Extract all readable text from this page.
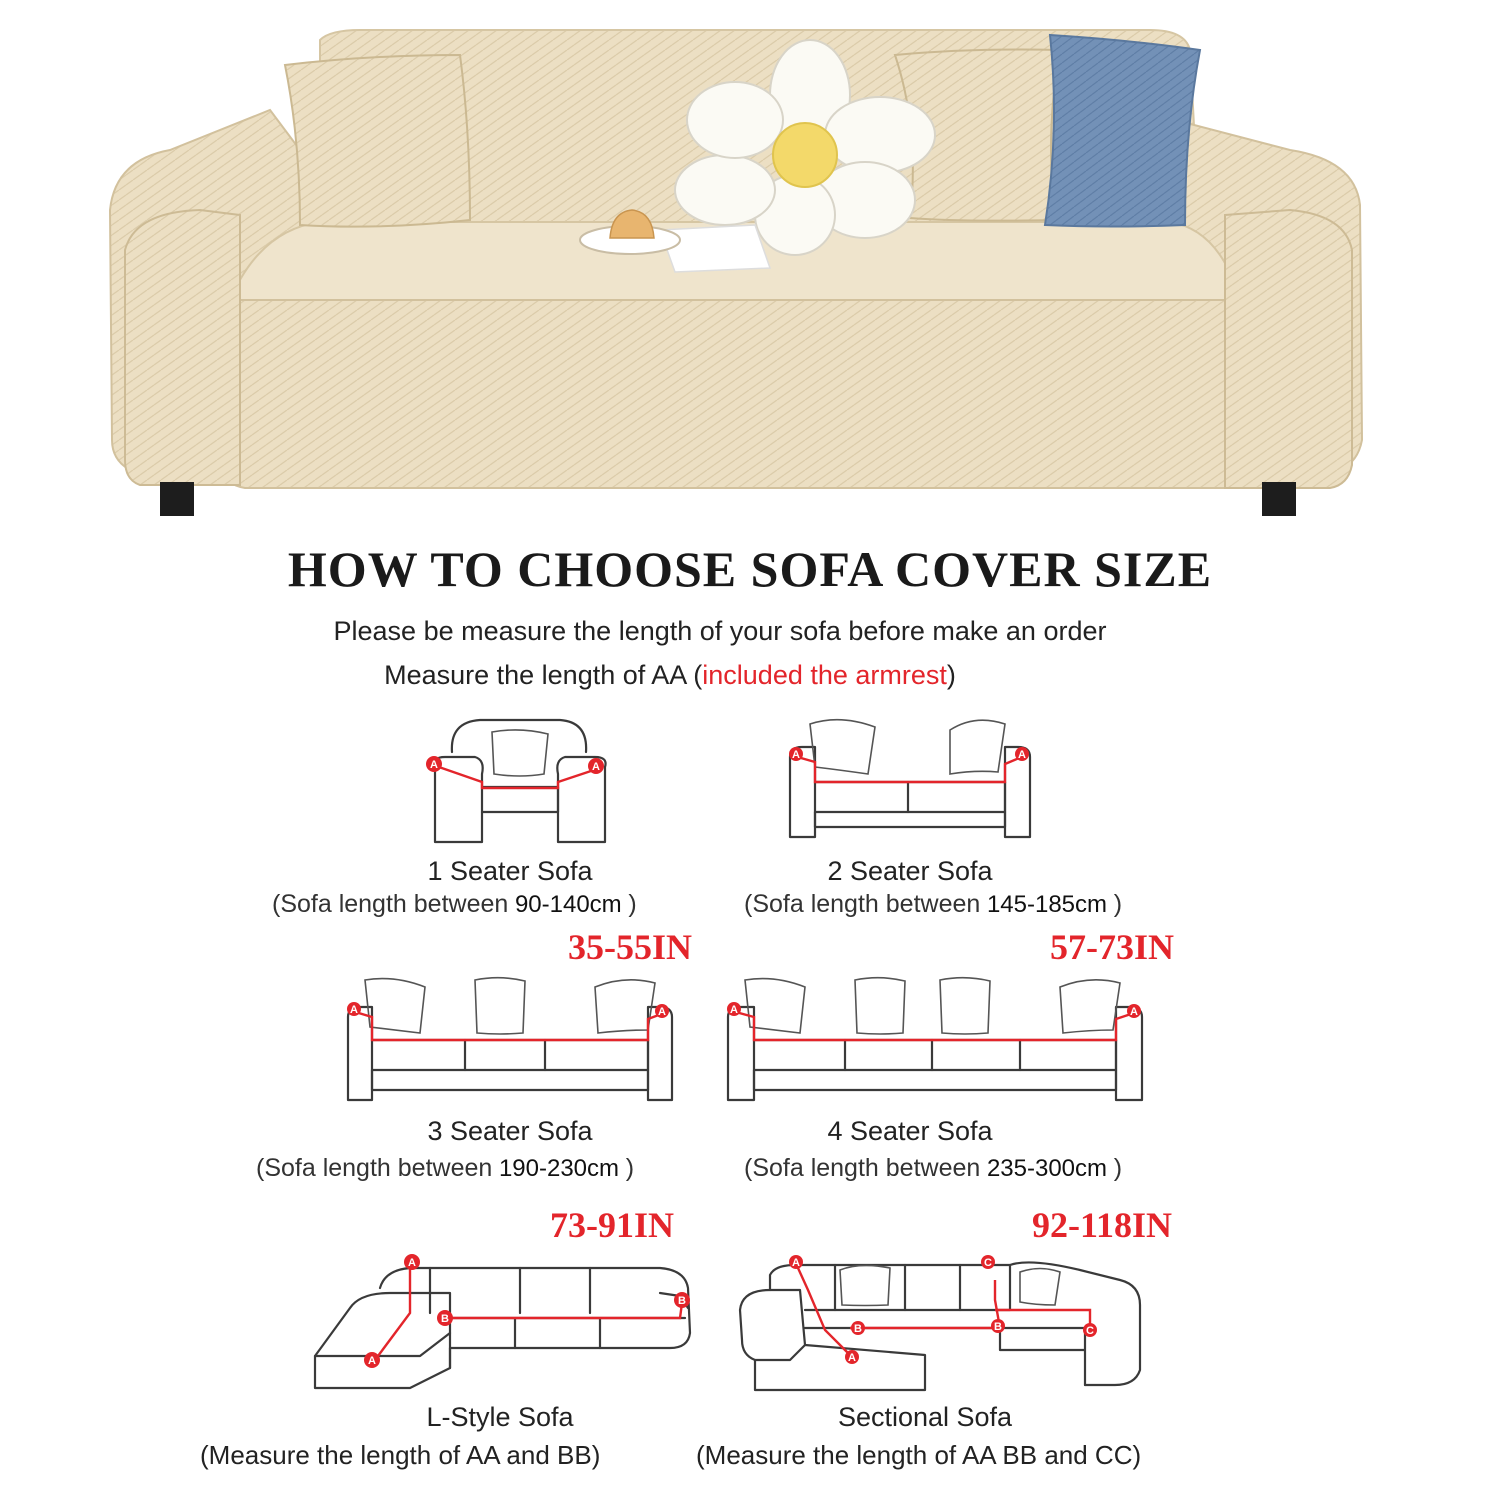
HOW TO CHOOSE SOFA COVER SIZE
Please be measure the length of your sofa before make an order
Measure the length of AA (included the armrest)
A	A
1 Seater Sofa
(Sofa length between 90-140cm )
35-55IN
A	A
2 Seater Sofa
(Sofa length between 145-185cm )
57-73IN
A	A
3 Seater Sofa
(Sofa length between 190-230cm )
73-91IN
A	A
4 Seater Sofa
(Sofa length between 235-300cm )
92-118IN
A
A
B
B
L-Style Sofa
(Measure the length of AA and BB)
A
A
B	B
C
C
Sectional Sofa
(Measure the length of AA BB and CC)
